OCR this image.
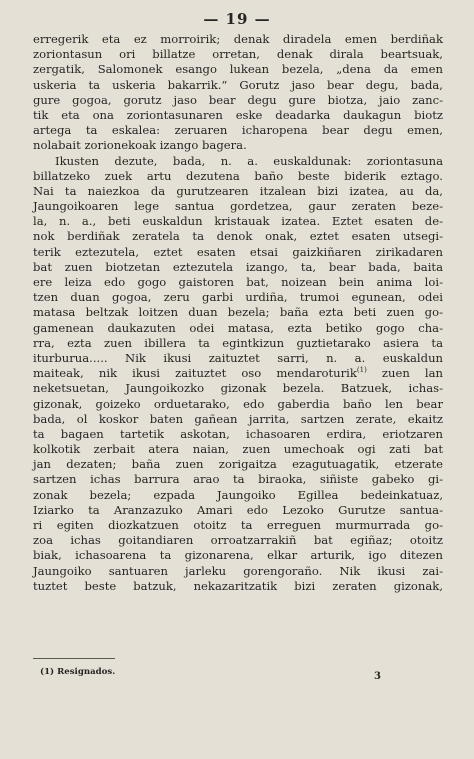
— 19 —
erregerik eta ez morroirik; denak diradela emen berdiñak
zoriontasun ori billatze orretan, denak dirala beartsuak,
zergatik, Salomonek esango lukean bezela, „dena da emen
uskeria ta uskeria bakarrik.“ Gorutz jaso bear degu, bada,
gure gogoa, gorutz jaso bear degu gure biotza, jaio zanc-
tik eta ona zoriontasunaren eske deadarka daukagun biotz
artega ta eskalea: zeruaren icharopena bear degu emen,
nolabait zorionekoak izango bagera.
Ikusten dezute, bada, n. a. euskaldunak: zoriontasuna
billatzeko zuek artu dezutena baño beste biderik eztago.
Nai ta naiezkoa da gurutzearen itzalean bizi izatea, au da,
Jaungoikoaren lege santua gordetzea, gaur zeraten beze-
la, n. a., beti euskaldun kristauak izatea. Eztet esaten de-
nok berdiñak zeratela ta denok onak, eztet esaten utsegi-
terik eztezutela, eztet esaten etsai gaizkiñaren zirikadaren
bat zuen biotzetan eztezutela izango, ta, bear bada, baita
ere leiza edo gogo gaistoren bat, noizean bein anima loi-
tzen duan gogoa, zeru garbi urdiña, trumoi egunean, odei
matasa beltzak loitzen duan bezela; baña ezta beti zuen go-
gamenean daukazuten odei matasa, ezta betiko gogo cha-
rra, ezta zuen ibillera ta egintkizun guztietarako asiera ta
iturburua..... Nik ikusi zaituztet sarri, n. a. euskaldun
maiteak, nik ikusi zaituztet oso mendaroturik$^{(1)}$ zuen lan
neketsuetan, Jaungoikozko gizonak bezela. Batzuek, ichas-
gizonak, goizeko orduetarako, edo gaberdia baño len bear
bada, ol koskor baten gañean jarrita, sartzen zerate, ekaitz
ta bagaen tartetik askotan, ichasoaren erdira, eriotzaren
kolkotik zerbait atera naian, zuen umechoak ogi zati bat
jan dezaten; baña zuen zorigaitza ezagutuagatik, etzerate
sartzen ichas barrura arao ta biraoka, siñiste gabeko gi-
zonak bezela; ezpada Jaungoiko Egillea bedeinkatuaz,
Iziarko ta Aranzazuko Amari edo Lezoko Gurutze santua-
ri egiten diozkatzuen otoitz ta erreguen murmurrada go-
zoa ichas goitandiaren orroatzarrakiñ bat egiñaz; otoitz
biak, ichasoarena ta gizonarena, elkar arturik, igo ditezen
Jaungoiko santuaren jarleku gorengoraño. Nik ikusi zai-
tuztet beste batzuk, nekazaritzatik bizi zeraten gizonak,
(1) Resignados.	3
